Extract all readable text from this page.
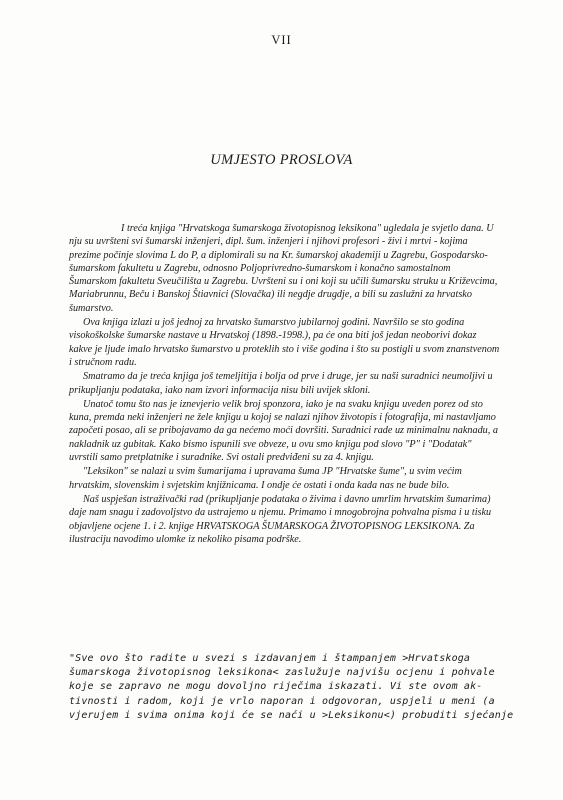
VII
UMJESTO PROSLOVA

I treća knjiga "Hrvatskoga šumarskoga životopisnog leksikona" ugledala je svjetlo dana. U nju su uvršteni svi šumarski inženjeri, dipl. šum. inženjeri i njihovi profesori - živi i mrtvi - kojima prezime počinje slovima L do P, a diplomirali su na Kr. šumarskoj akademiji u Zagrebu, Gospodarsko-šumarskom fakultetu u Zagrebu, odnosno Poljoprivredno-šumarskom i konačno samostalnom Šumarskom fakultetu Sveučilišta u Zagrebu. Uvršteni su i oni koji su učili šumarsku struku u Križevcima, Mariabrunnu, Beču i Banskoj Štiavnici (Slovačka) ili negdje drugdje, a bili su zaslužni za hrvatsko šumarstvo.

Ova knjiga izlazi u još jednoj za hrvatsko šumarstvo jubilarnoj godini. Navršilo se sto godina visokoškolske šumarske nastave u Hrvatskoj (1898.-1998.), pa će ona biti još jedan neoborivi dokaz kakve je ljude imalo hrvatsko šumarstvo u proteklih sto i više godina i što su postigli u svom znanstvenom i stručnom radu.

Smatramo da je treća knjiga još temeljitija i bolja od prve i druge, jer su naši suradnici neumoljivi u prikupljanju podataka, iako nam izvori informacija nisu bili uvijek skloni.

Unatoč tomu što nas je iznevjerio velik broj sponzora, iako je na svaku knjigu uveden porez od sto kuna, premda neki inženjeri ne žele knjigu u kojoj se nalazi njihov životopis i fotografija, mi nastavljamo započeti posao, ali se pribojavamo da ga nećemo moći dovršiti. Suradnici rade uz minimalnu naknadu, a nakladnik uz gubitak. Kako bismo ispunili sve obveze, u ovu smo knjigu pod slovo "P" i "Dodatak" uvrstili samo pretplatnike i suradnike. Svi ostali predviđeni su za 4. knjigu.

"Leksikon" se nalazi u svim šumarijama i upravama šuma JP "Hrvatske šume", u svim većim hrvatskim, slovenskim i svjetskim knjižnicama. I ondje će ostati i onda kada nas ne bude bilo.

Naš uspješan istraživački rad (prikupljanje podataka o živima i davno umrlim hrvatskim šumarima) daje nam snagu i zadovoljstvo da ustrajemo u njemu. Primamo i mnogobrojna pohvalna pisma i u tisku objavljene ocjene 1. i 2. knjige HRVATSKOGA ŠUMARSKOGA ŽIVOTOPISNOG LEKSIKONA. Za ilustraciju navodimo ulomke iz nekoliko pisama podrške.

"Sve ovo što radite u svezi s izdavanjem i štampanjem >Hrvatskoga
šumarskoga životopisnog leksikona< zaslužuje najvišu ocjenu i pohvale
koje se zapravo ne mogu dovoljno riječima iskazati. Vi ste ovom ak-
tivnosti i radom, koji je vrlo naporan i odgovoran, uspjeli u meni (a
vjerujem i svima onima koji će se naći u >Leksikonu<) probuditi sjećanje
